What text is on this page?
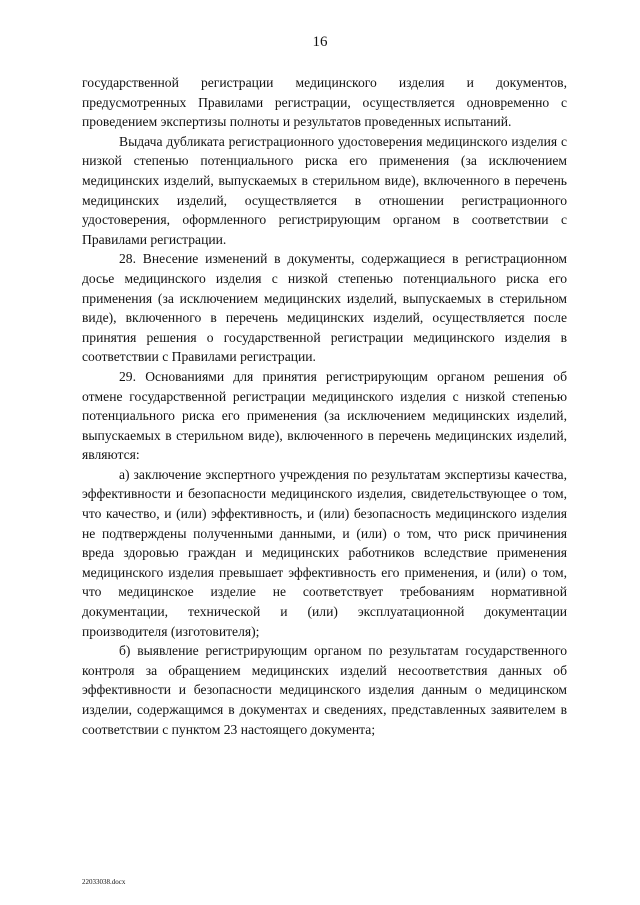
16

государственной регистрации медицинского изделия и документов, предусмотренных Правилами регистрации, осуществляется одновременно с проведением экспертизы полноты и результатов проведенных испытаний.

Выдача дубликата регистрационного удостоверения медицинского изделия с низкой степенью потенциального риска его применения (за исключением медицинских изделий, выпускаемых в стерильном виде), включенного в перечень медицинских изделий, осуществляется в отношении регистрационного удостоверения, оформленного регистрирующим органом в соответствии с Правилами регистрации.

28. Внесение изменений в документы, содержащиеся в регистрационном досье медицинского изделия с низкой степенью потенциального риска его применения (за исключением медицинских изделий, выпускаемых в стерильном виде), включенного в перечень медицинских изделий, осуществляется после принятия решения о государственной регистрации медицинского изделия в соответствии с Правилами регистрации.

29. Основаниями для принятия регистрирующим органом решения об отмене государственной регистрации медицинского изделия с низкой степенью потенциального риска его применения (за исключением медицинских изделий, выпускаемых в стерильном виде), включенного в перечень медицинских изделий, являются:

а) заключение экспертного учреждения по результатам экспертизы качества, эффективности и безопасности медицинского изделия, свидетельствующее о том, что качество, и (или) эффективность, и (или) безопасность медицинского изделия не подтверждены полученными данными, и (или) о том, что риск причинения вреда здоровью граждан и медицинских работников вследствие применения медицинского изделия превышает эффективность его применения, и (или) о том, что медицинское изделие не соответствует требованиям нормативной документации, технической и (или) эксплуатационной документации производителя (изготовителя);

б) выявление регистрирующим органом по результатам государственного контроля за обращением медицинских изделий несоответствия данных об эффективности и безопасности медицинского изделия данным о медицинском изделии, содержащимся в документах и сведениях, представленных заявителем в соответствии с пунктом 23 настоящего документа;

22033038.docx
